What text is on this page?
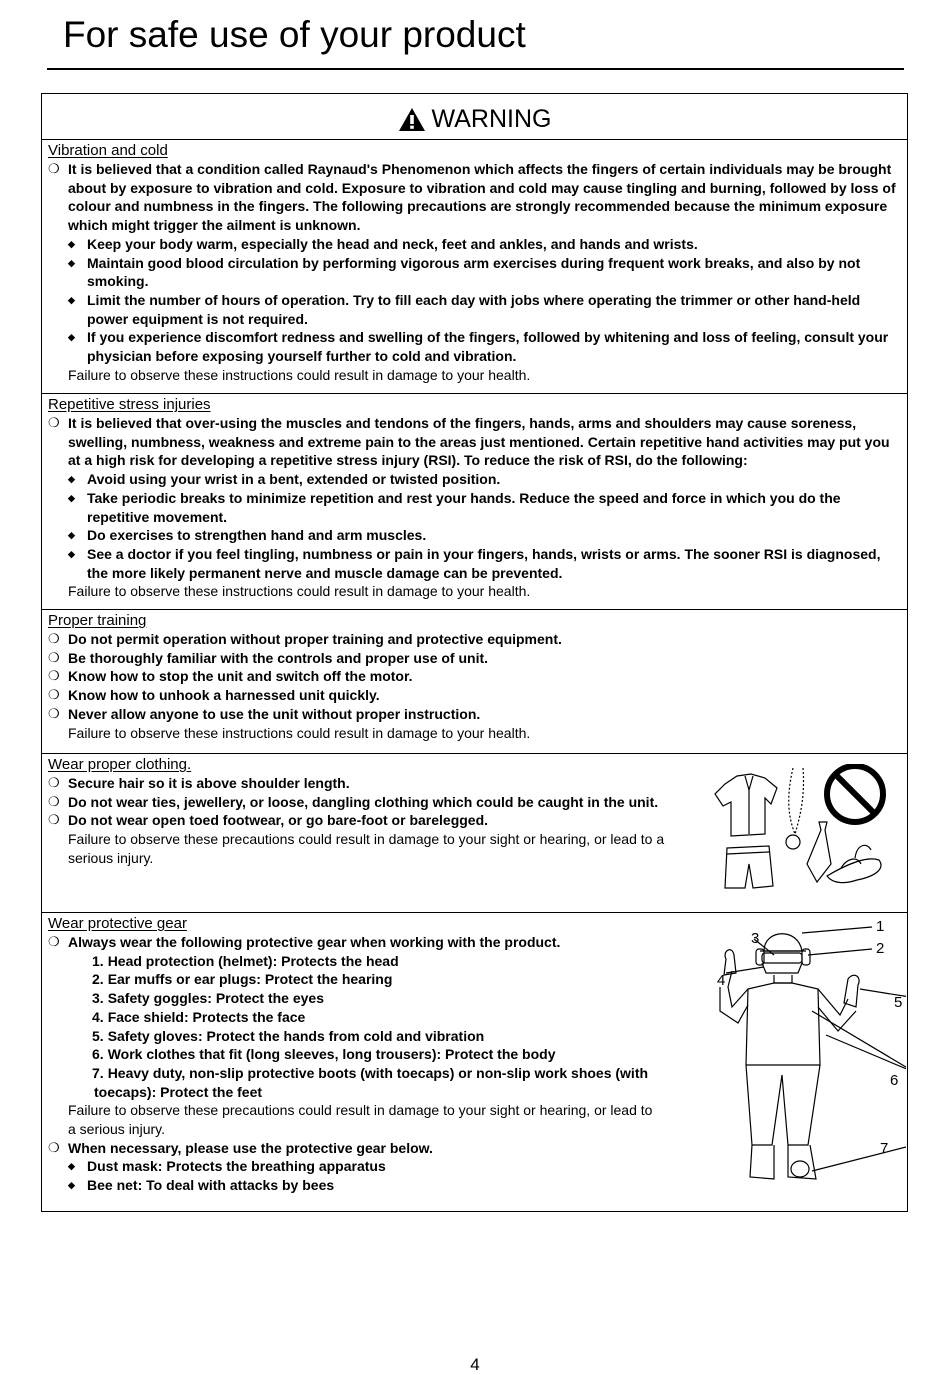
For safe use of your product
WARNING
Vibration and cold
❍ It is believed that a condition called Raynaud's Phenomenon which affects the fingers of certain individuals may be brought about by exposure to vibration and cold. Exposure to vibration and cold may cause tingling and burning, followed by loss of colour and numbness in the fingers. The following precautions are strongly recommended because the minimum exposure which might trigger the ailment is unknown.
◆ Keep your body warm, especially the head and neck, feet and ankles, and hands and wrists.
◆ Maintain good blood circulation by performing vigorous arm exercises during frequent work breaks, and also by not smoking.
◆ Limit the number of hours of operation. Try to fill each day with jobs where operating the trimmer or other hand-held power equipment is not required.
◆ If you experience discomfort redness and swelling of the fingers, followed by whitening and loss of feeling, consult your physician before exposing yourself further to cold and vibration.
Failure to observe these instructions could result in damage to your health.
Repetitive stress injuries
❍ It is believed that over-using the muscles and tendons of the fingers, hands, arms and shoulders may cause soreness, swelling, numbness, weakness and extreme pain to the areas just mentioned. Certain repetitive hand activities may put you at a high risk for developing a repetitive stress injury (RSI). To reduce the risk of RSI, do the following:
◆ Avoid using your wrist in a bent, extended or twisted position.
◆ Take periodic breaks to minimize repetition and rest your hands. Reduce the speed and force in which you do the repetitive movement.
◆ Do exercises to strengthen hand and arm muscles.
◆ See a doctor if you feel tingling, numbness or pain in your fingers, hands, wrists or arms. The sooner RSI is diagnosed, the more likely permanent nerve and muscle damage can be prevented.
Failure to observe these instructions could result in damage to your health.
Proper training
❍ Do not permit operation without proper training and protective equipment.
❍ Be thoroughly familiar with the controls and proper use of unit.
❍ Know how to stop the unit and switch off the motor.
❍ Know how to unhook a harnessed unit quickly.
❍ Never allow anyone to use the unit without proper instruction.
Failure to observe these instructions could result in damage to your health.
Wear proper clothing.
❍ Secure hair so it is above shoulder length.
❍ Do not wear ties, jewellery, or loose, dangling clothing which could be caught in the unit.
❍ Do not wear open toed footwear, or go bare-foot or barelegged.
Failure to observe these precautions could result in damage to your sight or hearing, or lead to a serious injury.
Wear protective gear
❍ Always wear the following protective gear when working with the product.
1. Head protection (helmet): Protects the head
2. Ear muffs or ear plugs: Protect the hearing
3. Safety goggles: Protect the eyes
4. Face shield: Protects the face
5. Safety gloves: Protect the hands from cold and vibration
6. Work clothes that fit (long sleeves, long trousers): Protect the body
7. Heavy duty, non-slip protective boots (with toecaps) or non-slip work shoes (with toecaps): Protect the feet
Failure to observe these precautions could result in damage to your sight or hearing, or lead to a serious injury.
❍ When necessary, please use the protective gear below.
◆ Dust mask: Protects the breathing apparatus
◆ Bee net: To deal with attacks by bees
1
2
3
4
5
6
7
4
